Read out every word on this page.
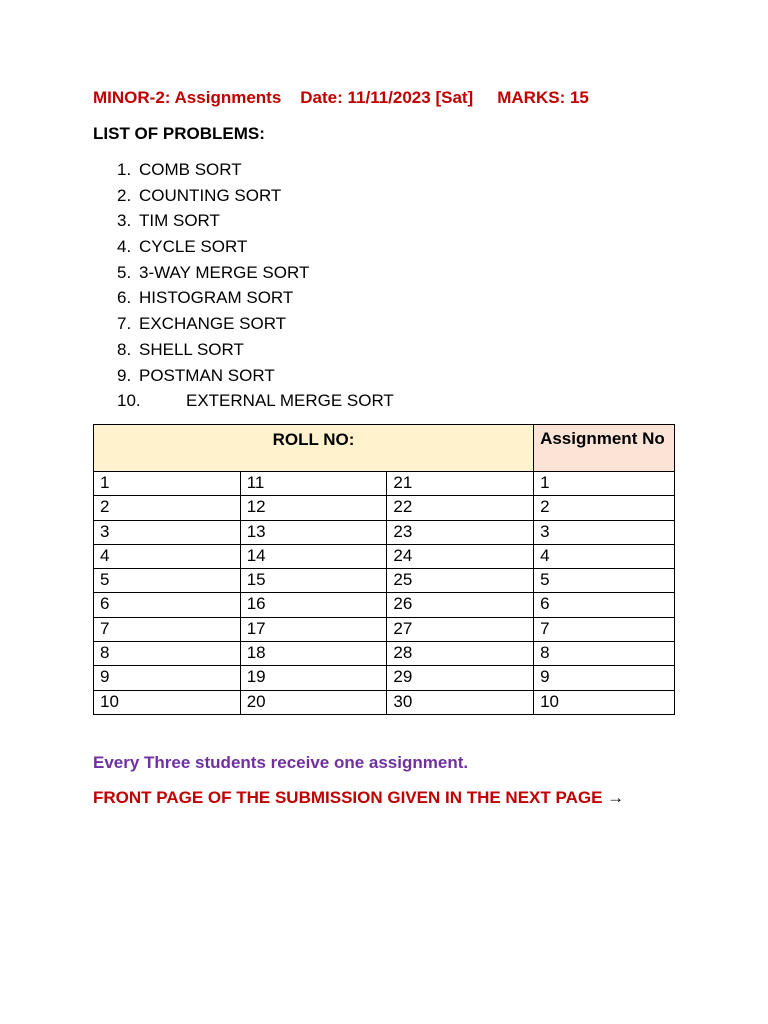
MINOR-2: Assignments Date: 11/11/2023 [Sat] MARKS: 15
LIST OF PROBLEMS:
1. COMB SORT
2. COUNTING SORT
3. TIM SORT
4. CYCLE SORT
5. 3-WAY MERGE SORT
6. HISTOGRAM SORT
7. EXCHANGE SORT
8. SHELL SORT
9. POSTMAN SORT
10.	EXTERNAL MERGE SORT
ROLL NO:			Assignment No
1	11	21	1
2	12	22	2
3	13	23	3
4	14	24	4
5	15	25	5
6	16	26	6
7	17	27	7
8	18	28	8
9	19	29	9
10	20	30	10
Every Three students receive one assignment.
FRONT PAGE OF THE SUBMISSION GIVEN IN THE NEXT PAGE →
